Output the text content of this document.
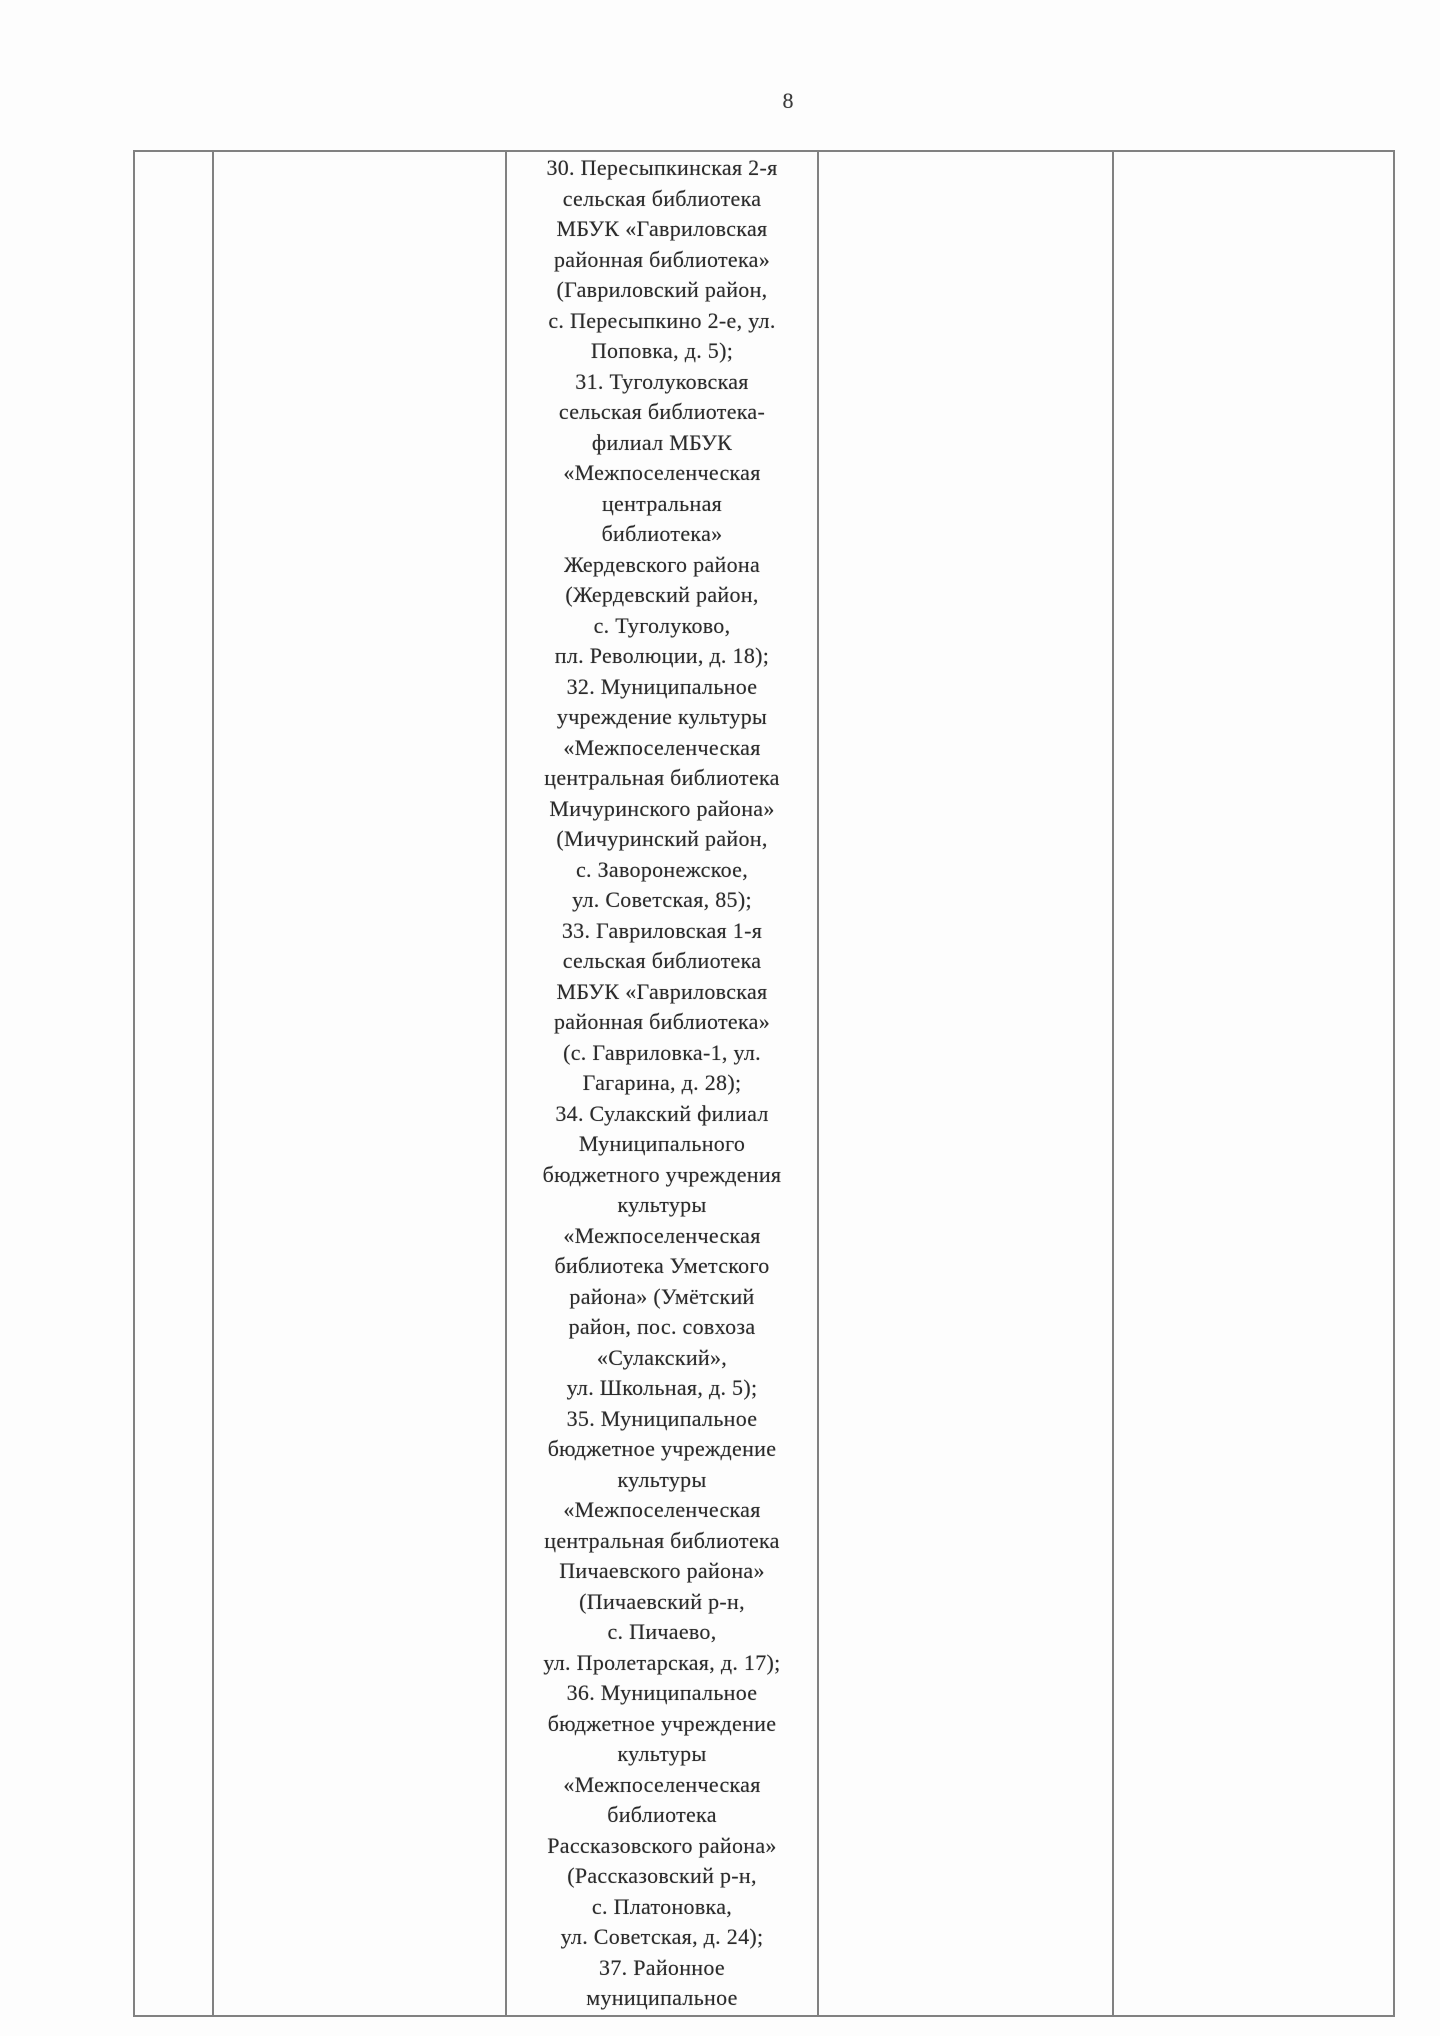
8
30. Пересыпкинская 2-я
сельская библиотека
МБУК «Гавриловская
районная библиотека»
(Гавриловский район,
с. Пересыпкино 2-е, ул.
Поповка, д. 5);
31. Туголуковская
сельская библиотека-
филиал МБУК
«Межпоселенческая
центральная
библиотека»
Жердевского района
(Жердевский район,
с. Туголуково,
пл. Революции, д. 18);
32. Муниципальное
учреждение культуры
«Межпоселенческая
центральная библиотека
Мичуринского района»
(Мичуринский район,
с. Заворонежское,
ул. Советская, 85);
33. Гавриловская 1-я
сельская библиотека
МБУК «Гавриловская
районная библиотека»
(с. Гавриловка-1, ул.
Гагарина, д. 28);
34. Сулакский филиал
Муниципального
бюджетного учреждения
культуры
«Межпоселенческая
библиотека Уметского
района» (Умётский
район, пос. совхоза
«Сулакский»,
ул. Школьная, д. 5);
35. Муниципальное
бюджетное учреждение
культуры
«Межпоселенческая
центральная библиотека
Пичаевского района»
(Пичаевский р-н,
с. Пичаево,
ул. Пролетарская, д. 17);
36. Муниципальное
бюджетное учреждение
культуры
«Межпоселенческая
библиотека
Рассказовского района»
(Рассказовский р-н,
с. Платоновка,
ул. Советская, д. 24);
37. Районное
муниципальное
